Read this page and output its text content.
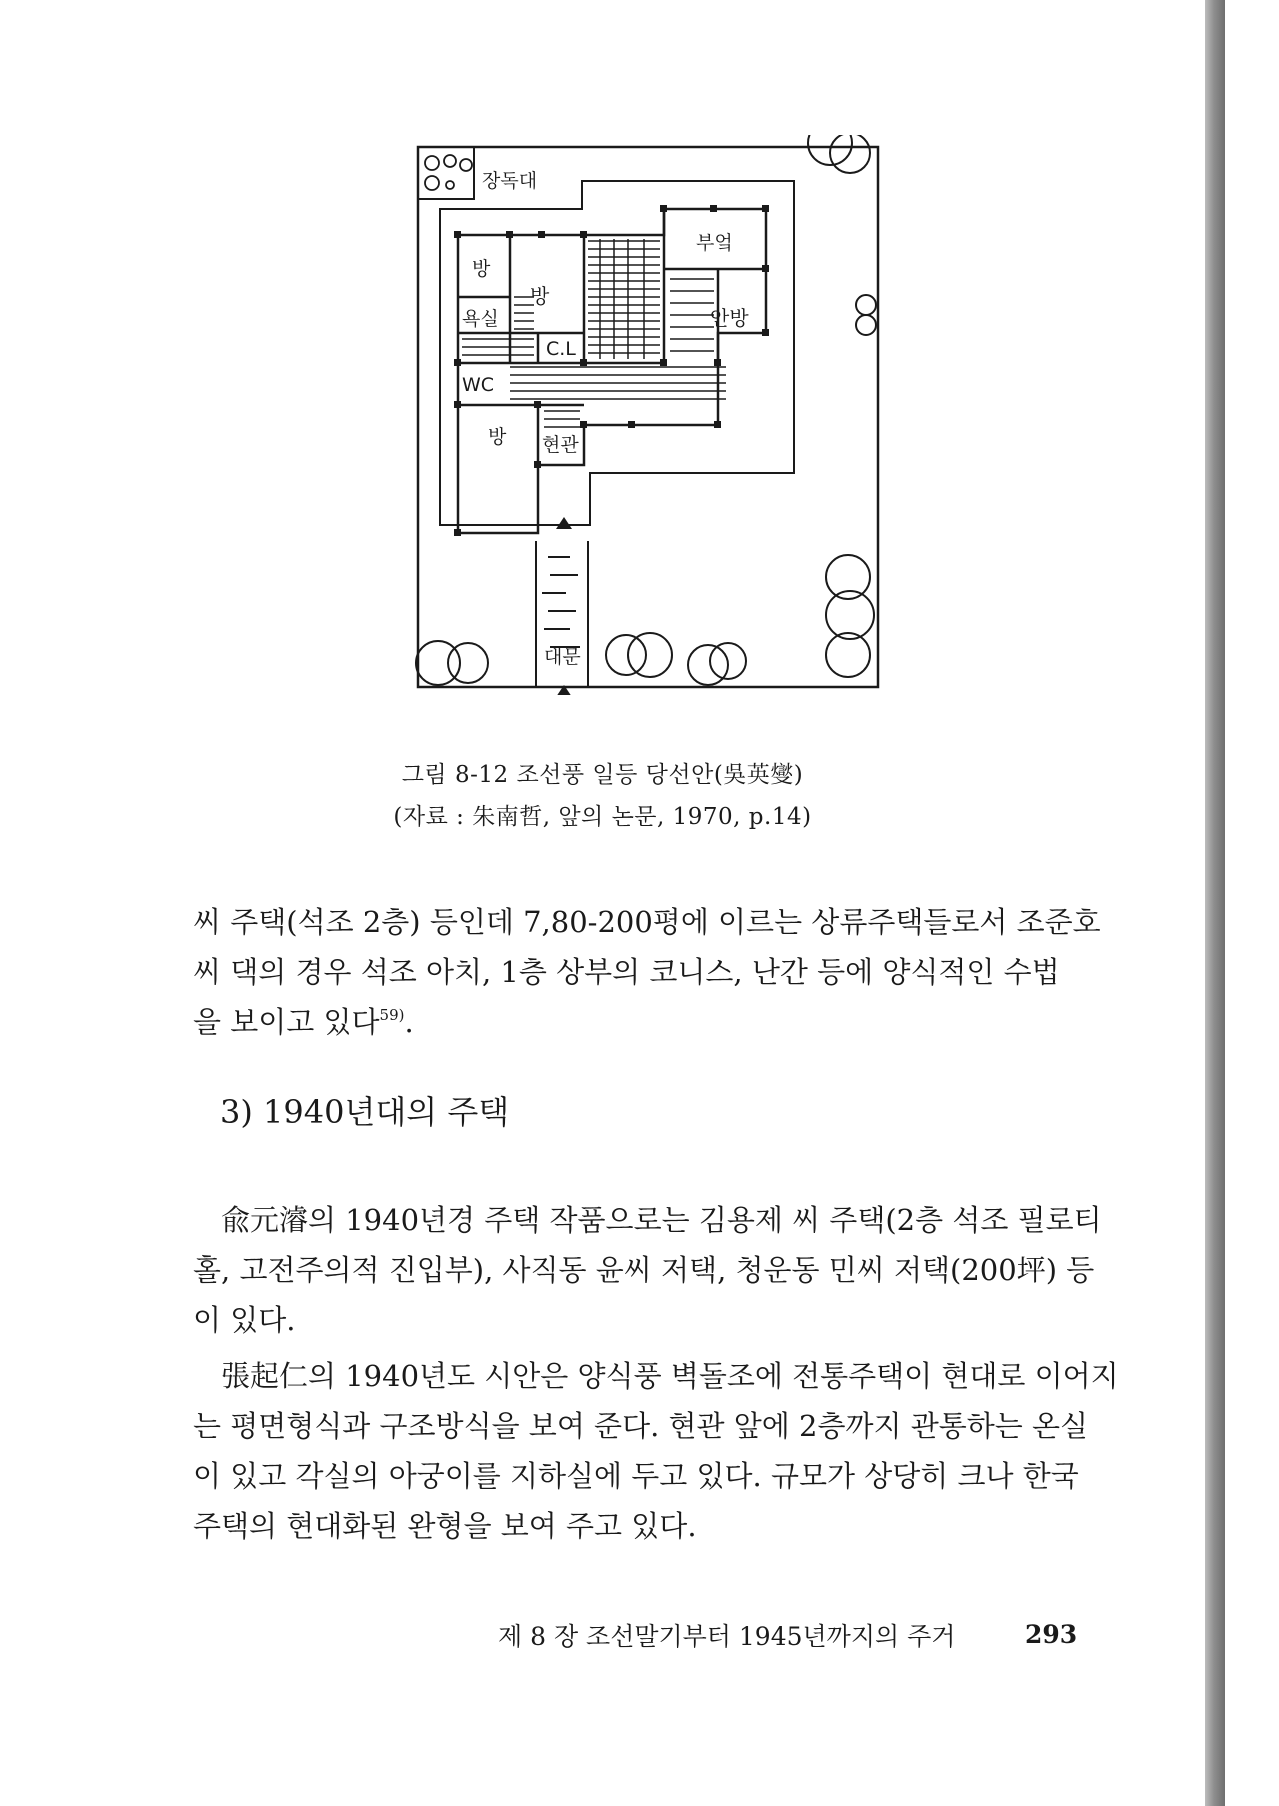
장독대
방
방
부엌
욕실	안방
C.L
WC
방 현관
대문
그림 8-12 조선풍 일등 당선안(吳英燮)
(자료 : 朱南哲, 앞의 논문, 1970, p.14)
씨 주택(석조 2층) 등인데 7,80-200평에 이르는 상류주택들로서 조준호
씨 댁의 경우 석조 아치, 1층 상부의 코니스, 난간 등에 양식적인 수법
을 보이고 있다$^{59)}$.
3) 1940년대의 주택
兪元濬의 1940년경 주택 작품으로는 김용제 씨 주택(2층 석조 필로티
홀, 고전주의적 진입부), 사직동 윤씨 저택, 청운동 민씨 저택(200坪) 등
이 있다.
張起仁의 1940년도 시안은 양식풍 벽돌조에 전통주택이 현대로 이어지
는 평면형식과 구조방식을 보여 준다. 현관 앞에 2층까지 관통하는 온실
이 있고 각실의 아궁이를 지하실에 두고 있다. 규모가 상당히 크나 한국
주택의 현대화된 완형을 보여 주고 있다.
제 8 장 조선말기부터 1945년까지의 주거	293
